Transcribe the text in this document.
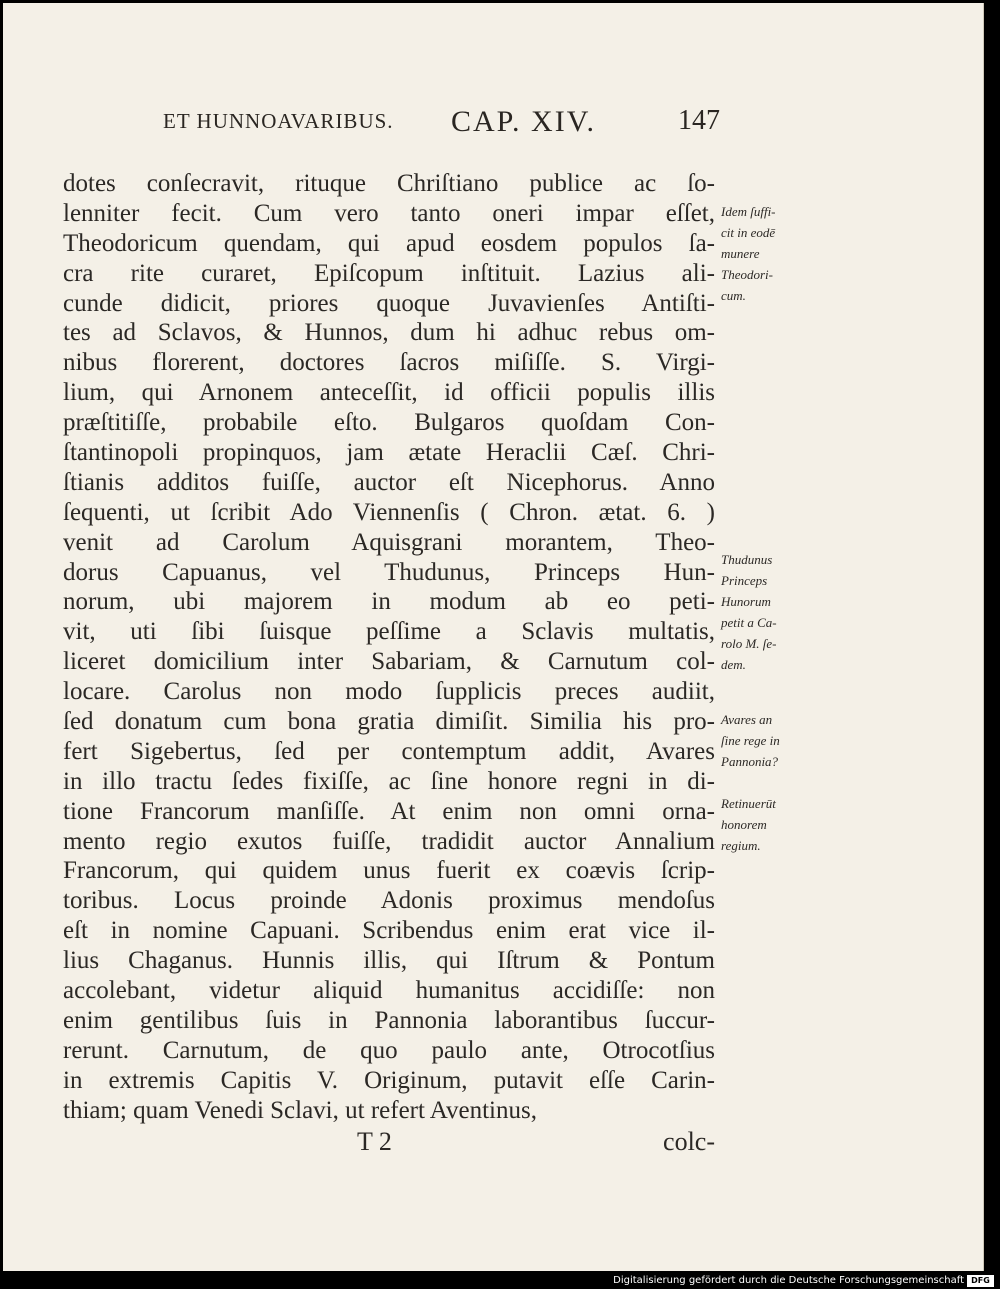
ET HUNNOAVARIBUS. CAP. XIV.	147
dotes conſecravit, rituque Chriſtiano publice ac ſo-
lenniter fecit. Cum vero tanto oneri impar eſſet,
Theodoricum quendam, qui apud eosdem populos ſa-
cra rite curaret, Epiſcopum inſtituit. Lazius ali-
cunde didicit, priores quoque Juvavienſes Antiſti-
tes ad Sclavos, & Hunnos, dum hi adhuc rebus om-
nibus florerent, doctores ſacros miſiſſe. S. Virgi-
lium, qui Arnonem anteceſſit, id officii populis illis
præſtitiſſe, probabile eſto. Bulgaros quoſdam Con-
ſtantinopoli propinquos, jam ætate Heraclii Cæſ. Chri-
ſtianis additos fuiſſe, auctor eſt Nicephorus. Anno
ſequenti, ut ſcribit Ado Viennenſis ( Chron. ætat. 6. )
venit ad Carolum Aquisgrani morantem, Theo-
dorus Capuanus, vel Thudunus, Princeps Hun-
norum, ubi majorem in modum ab eo peti-
vit, uti ſibi ſuisque peſſime a Sclavis multatis,
liceret domicilium inter Sabariam, & Carnutum col-
locare. Carolus non modo ſupplicis preces audiit,
ſed donatum cum bona gratia dimiſit. Similia his pro-
fert Sigebertus, ſed per contemptum addit, Avares
in illo tractu ſedes fixiſſe, ac ſine honore regni in di-
tione Francorum manſiſſe. At enim non omni orna-
mento regio exutos fuiſſe, tradidit auctor Annalium
Francorum, qui quidem unus fuerit ex coævis ſcrip-
toribus. Locus proinde Adonis proximus mendoſus
eſt in nomine Capuani. Scribendus enim erat vice il-
lius Chaganus. Hunnis illis, qui Iſtrum & Pontum
accolebant, videtur aliquid humanitus accidiſſe: non
enim gentilibus ſuis in Pannonia laborantibus ſuccur-
rerunt. Carnutum, de quo paulo ante, Otrocotſius
in extremis Capitis V. Originum, putavit eſſe Carin-
thiam; quam Venedi Sclavi, ut refert Aventinus,
Idem ſuffi-
cit in eodē
munere
Theodori-
cum.
Thudunus
Princeps
Hunorum
petit a Ca-
rolo M. ſe-
dem.
Avares an
ſine rege in
Pannonia?
Retinuerūt
honorem
regium.
T 2	colc-
Digitalisierung gefördert durch die Deutsche Forschungsgemeinschaft DFG
